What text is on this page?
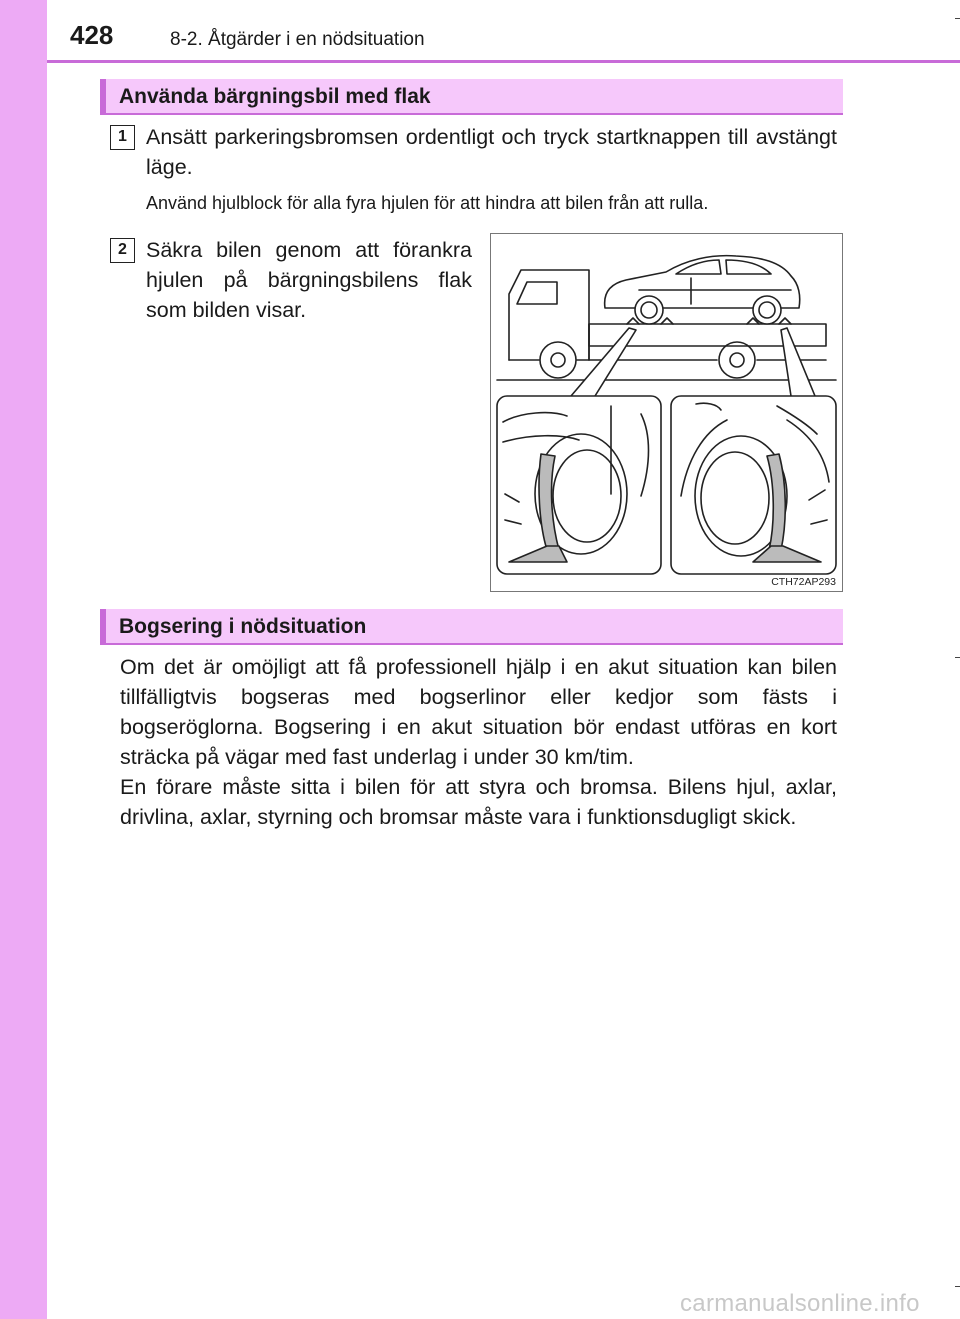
428	8-2. Åtgärder i en nödsituation
Använda bärgningsbil med flak
1 Ansätt parkeringsbromsen ordentligt och tryck startknappen till avstängt läge.
Använd hjulblock för alla fyra hjulen för att hindra att bilen från att rulla.
2 Säkra bilen genom att förankra hjulen på bärgningsbilens flak som bilden visar.
CTH72AP293
Bogsering i nödsituation
Om det är omöjligt att få professionell hjälp i en akut situation kan bilen tillfälligtvis bogseras med bogserlinor eller kedjor som fästs i bogseröglorna. Bogsering i en akut situation bör endast utföras en kort sträcka på vägar med fast underlag i under 30 km/tim.
En förare måste sitta i bilen för att styra och bromsa. Bilens hjul, axlar, drivlina, axlar, styrning och bromsar måste vara i funktionsdugligt skick.
carmanualsonline.info
